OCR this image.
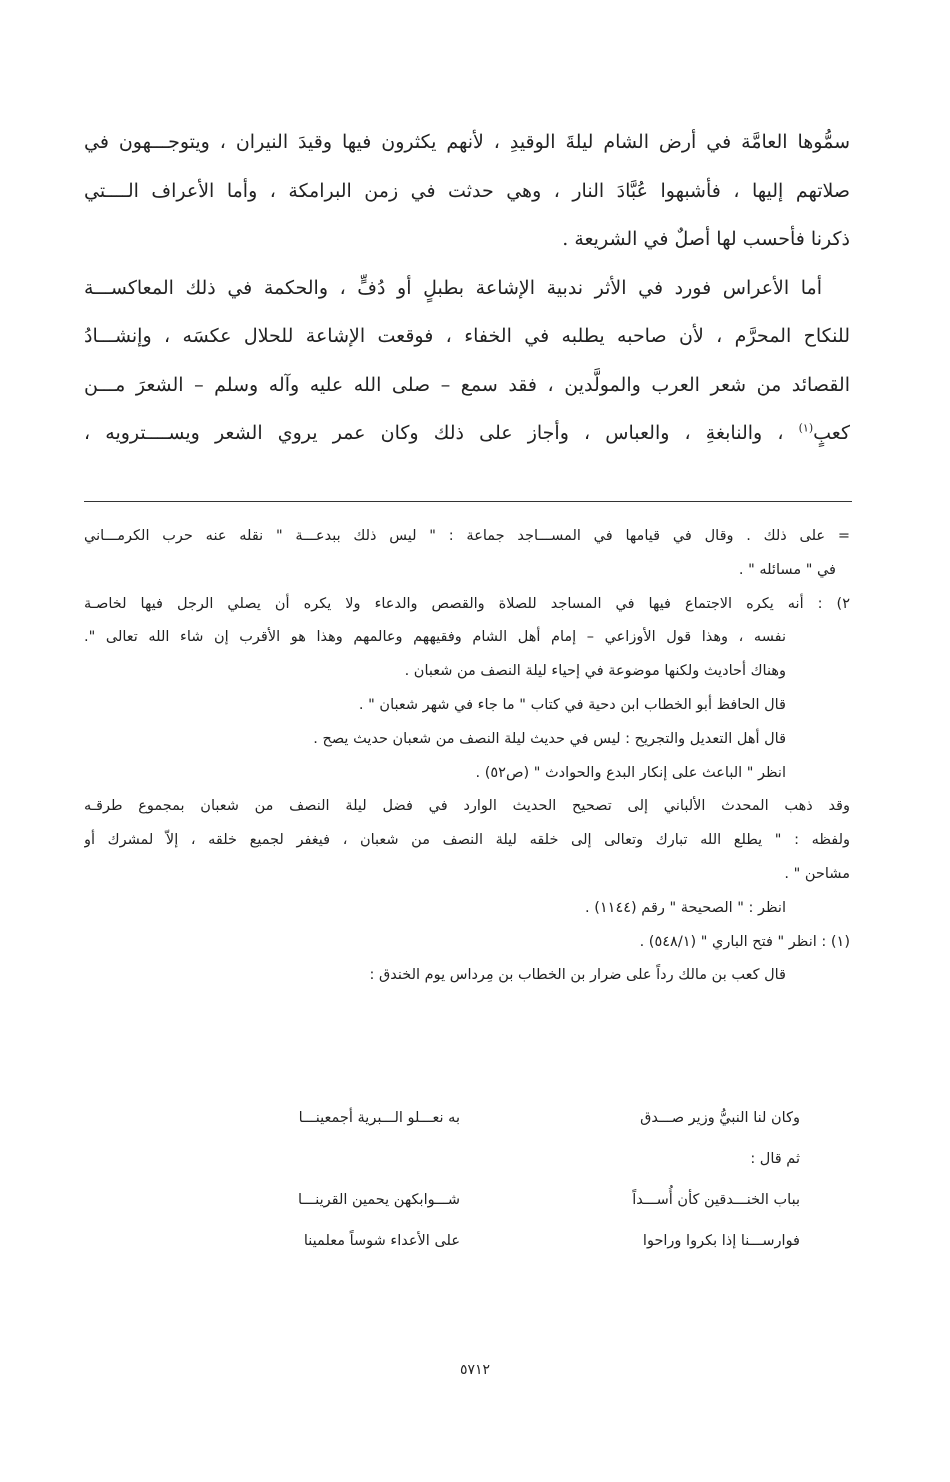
سمُّوها العامَّة في أرض الشام ليلةَ الوقيدِ ، لأنهم يكثرون فيها وقيدَ النيران ، ويتوجـــهون في
صلاتهم إليها ، فأشبهوا عُبَّادَ النار ، وهي حدثت في زمن البرامكة ، وأما الأعراف الــــتي
ذكرنا فأحسب لها أصلٌ في الشريعة .
أما الأعراس فورد في الأثر ندبية الإشاعة بطبلٍ أو دُفٍّ ، والحكمة في ذلك المعاكســـة
للنكاح المحرَّم ، لأن صاحبه يطلبه في الخفاء ، فوقعت الإشاعة للحلال عكسَه ، وإنشـــادُ
القصائد من شعر العرب والمولَّدين ، فقد سمع – صلى الله عليه وآله وسلم – الشعرَ مـــن
كعبٍ$^{(١)}$ ، والنابغةِ ، والعباس ، وأجاز على ذلك وكان عمر يروي الشعر ويســــترويه ،
= على ذلك . وقال في قيامها في المســـاجد جماعة : " ليس ذلك ببدعـــة " نقله عنه حرب الكرمـــاني
في " مسائله " .
٢) : أنه يكره الاجتماع فيها في المساجد للصلاة والقصص والدعاء ولا يكره أن يصلي الرجل فيها لخاصـة
نفسه ، وهذا قول الأوزاعي – إمام أهل الشام وفقيههم وعالمهم وهذا هو الأقرب إن شاء الله تعالى ".
وهناك أحاديث ولكنها موضوعة في إحياء ليلة النصف من شعبان .
قال الحافظ أبو الخطاب ابن دحية في كتاب " ما جاء في شهر شعبان " .
قال أهل التعديل والتجريح : ليس في حديث ليلة النصف من شعبان حديث يصح .
انظر " الباعث على إنكار البدع والحوادث " (ص٥٢) .
وقد ذهب المحدث الألباني إلى تصحيح الحديث الوارد في فضل ليلة النصف من شعبان بمجموع طرقـه
ولفظه : " يطلع الله تبارك وتعالى إلى خلقه ليلة النصف من شعبان ، فيغفر لجميع خلقه ، إلاّ لمشرك أو
مشاحن " .
انظر : " الصحيحة " رقم (١١٤٤) .
(١) : انظر " فتح الباري " (٥٤٨/١) .
قال كعب بن مالك رداً على ضرار بن الخطاب بن مِرداس يوم الخندق :
وكان لنا النبيُّ وزير صـــدق
به نعـــلو الـــبرية أجمعينـــا
ثم قال :
بباب الخنـــدقين كأن أُســـداً
شـــوابكهن يحمين القرينـــا
فوارســـنا إذا بكروا وراحوا
على الأعداء شوساً معلمينا
٥٧١٢
